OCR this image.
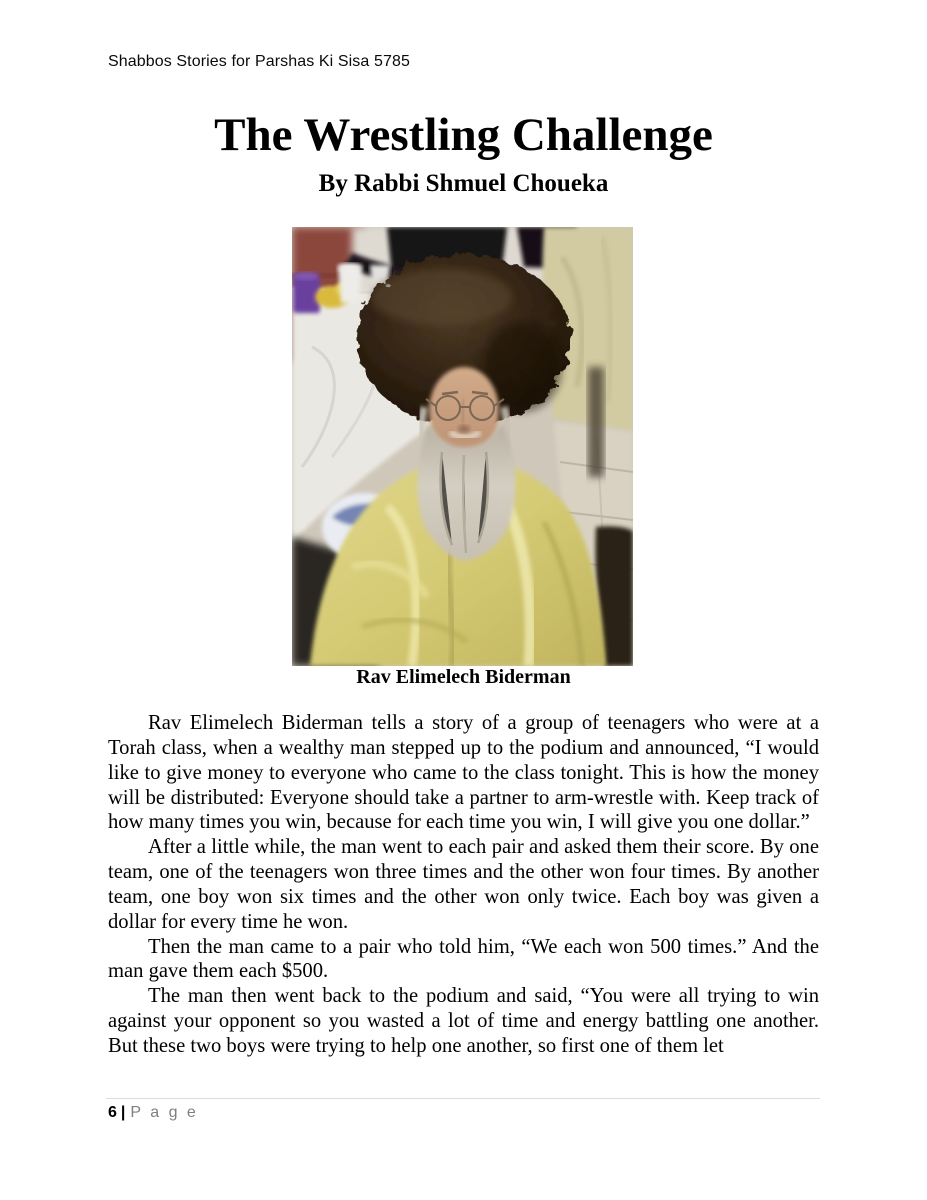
Shabbos Stories for Parshas Ki Sisa 5785
The Wrestling Challenge
By Rabbi Shmuel Choueka
Rav Elimelech Biderman

Rav Elimelech Biderman tells a story of a group of teenagers who were at a Torah class, when a wealthy man stepped up to the podium and announced, “I would like to give money to everyone who came to the class tonight. This is how the money will be distributed: Everyone should take a partner to arm-wrestle with. Keep track of how many times you win, because for each time you win, I will give you one dollar.”

After a little while, the man went to each pair and asked them their score. By one team, one of the teenagers won three times and the other won four times. By another team, one boy won six times and the other won only twice. Each boy was given a dollar for every time he won.

Then the man came to a pair who told him, “We each won 500 times.” And the man gave them each $500.

The man then went back to the podium and said, “You were all trying to win against your opponent so you wasted a lot of time and energy battling one another. But these two boys were trying to help one another, so first one of them let

6 | P a g e
